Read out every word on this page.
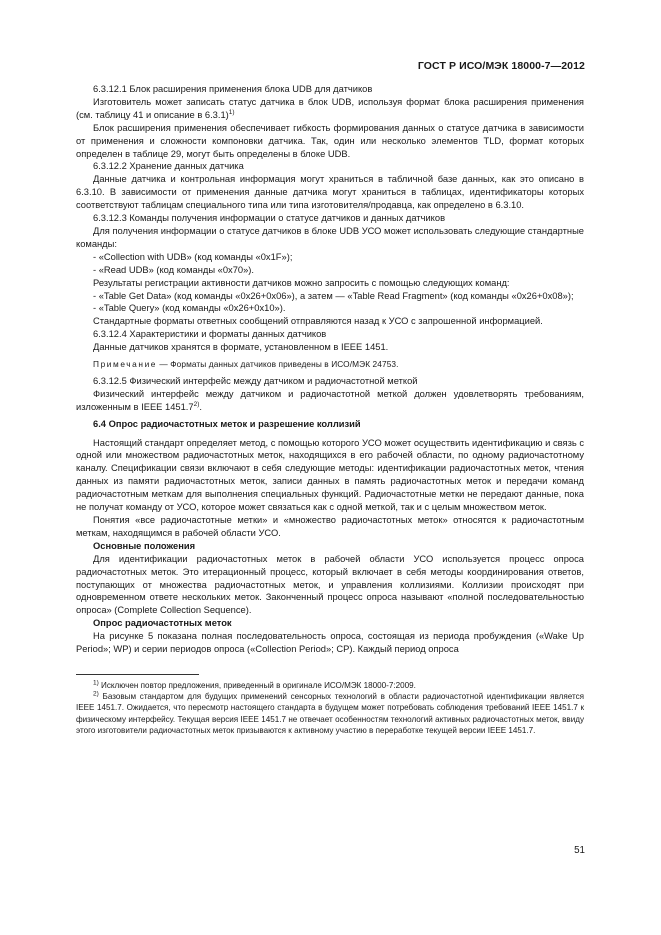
ГОСТ Р ИСО/МЭК 18000-7—2012

6.3.12.1 Блок расширения применения блока UDB для датчиков

Изготовитель может записать статус датчика в блок UDB, используя формат блока расширения применения (см. таблицу 41 и описание в 6.3.1)$^{1)}$

Блок расширения применения обеспечивает гибкость формирования данных о статусе датчика в зависимости от применения и сложности компоновки датчика. Так, один или несколько элементов TLD, формат которых определен в таблице 29, могут быть определены в блоке UDB.

6.3.12.2 Хранение данных датчика

Данные датчика и контрольная информация могут храниться в табличной базе данных, как это описано в 6.3.10. В зависимости от применения данные датчика могут храниться в таблицах, идентификаторы которых соответствуют таблицам специального типа или типа изготовителя/продавца, как определено в 6.3.10.

6.3.12.3 Команды получения информации о статусе датчиков и данных датчиков

Для получения информации о статусе датчиков в блоке UDB УСО может использовать следующие стандартные команды:

- «Collection with UDB» (код команды «0x1F»);

- «Read UDB» (код команды «0x70»).

Результаты регистрации активности датчиков можно запросить с помощью следующих команд:

- «Table Get Data» (код команды «0x26+0x06»), а затем — «Table Read Fragment» (код команды «0x26+0x08»);

- «Table Query» (код команды «0x26+0x10»).

Стандартные форматы ответных сообщений отправляются назад к УСО с запрошенной информацией.

6.3.12.4 Характеристики и форматы данных датчиков

Данные датчиков хранятся в формате, установленном в IEEE 1451.

Примечание — Форматы данных датчиков приведены в ИСО/МЭК 24753.

6.3.12.5 Физический интерфейс между датчиком и радиочастотной меткой

Физический интерфейс между датчиком и радиочастотной меткой должен удовлетворять требованиям, изложенным в IEEE 1451.7$^{2)}$.

6.4 Опрос радиочастотных меток и разрешение коллизий

Настоящий стандарт определяет метод, с помощью которого УСО может осуществить идентификацию и связь с одной или множеством радиочастотных меток, находящихся в его рабочей области, по одному радиочастотному каналу. Спецификации связи включают в себя следующие методы: идентификации радиочастотных меток, чтения данных из памяти радиочастотных меток, записи данных в память радиочастотных меток и передачи команд радиочастотным меткам для выполнения специальных функций. Радиочастотные метки не передают данные, пока не получат команду от УСО, которое может связаться как с одной меткой, так и с целым множеством меток.

Понятия «все радиочастотные метки» и «множество радиочастотных меток» относятся к радиочастотным меткам, находящимся в рабочей области УСО.

Основные положения

Для идентификации радиочастотных меток в рабочей области УСО используется процесс опроса радиочастотных меток. Это итерационный процесс, который включает в себя методы координирования ответов, поступающих от множества радиочастотных меток, и управления коллизиями. Коллизии происходят при одновременном ответе нескольких меток. Законченный процесс опроса называют «полной последовательностью опроса» (Complete Collection Sequence).

Опрос радиочастотных меток

На рисунке 5 показана полная последовательность опроса, состоящая из периода пробуждения («Wake Up Period»; WP) и серии периодов опроса («Collection Period»; CP). Каждый период опроса

$^{1)}$ Исключен повтор предложения, приведенный в оригинале ИСО/МЭК 18000-7:2009.

$^{2)}$ Базовым стандартом для будущих применений сенсорных технологий в области радиочастотной идентификации является IEEE 1451.7. Ожидается, что пересмотр настоящего стандарта в будущем может потребовать соблюдения требований IEEE 1451.7 к физическому интерфейсу. Текущая версия IEEE 1451.7 не отвечает особенностям технологий активных радиочастотных меток, ввиду этого изготовители радиочастотных меток призываются к активному участию в переработке текущей версии IEEE 1451.7.

51
